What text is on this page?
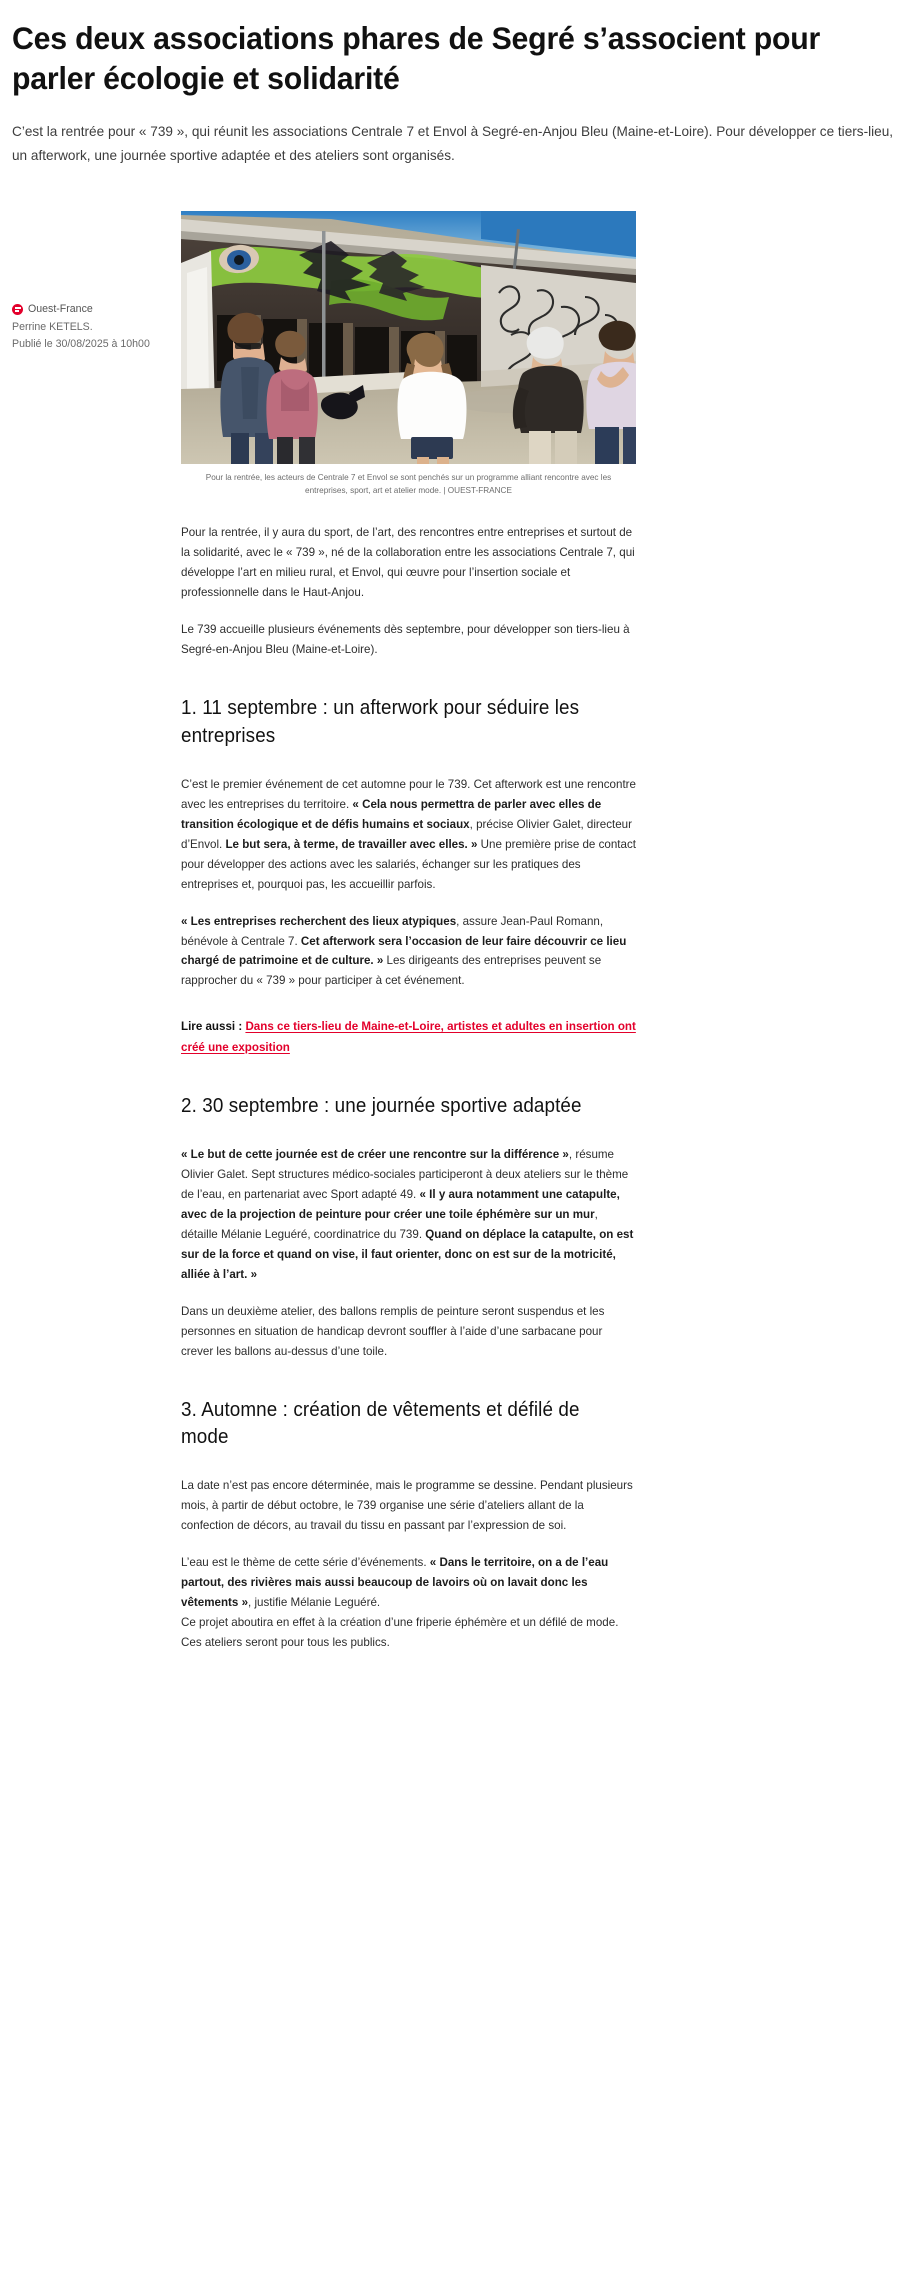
Ces deux associations phares de Segré s’associent pour parler écologie et solidarité
C’est la rentrée pour « 739 », qui réunit les associations Centrale 7 et Envol à Segré-en-Anjou Bleu (Maine-et-Loire). Pour développer ce tiers-lieu, un afterwork, une journée sportive adaptée et des ateliers sont organisés.
Ouest-France
Perrine KETELS.
Publié le 30/08/2025 à 10h00
Pour la rentrée, les acteurs de Centrale 7 et Envol se sont penchés sur un programme alliant rencontre avec les entreprises, sport, art et atelier mode. | OUEST-FRANCE

Pour la rentrée, il y aura du sport, de l’art, des rencontres entre entreprises et surtout de la solidarité, avec le « 739 », né de la collaboration entre les associations Centrale 7, qui développe l’art en milieu rural, et Envol, qui œuvre pour l’insertion sociale et professionnelle dans le Haut-Anjou.

Le 739 accueille plusieurs événements dès septembre, pour développer son tiers-lieu à Segré-en-Anjou Bleu (Maine-et-Loire).

1. 11 septembre : un afterwork pour séduire les entreprises

C’est le premier événement de cet automne pour le 739. Cet afterwork est une rencontre avec les entreprises du territoire. « Cela nous permettra de parler avec elles de transition écologique et de défis humains et sociaux, précise Olivier Galet, directeur d’Envol. Le but sera, à terme, de travailler avec elles. » Une première prise de contact pour développer des actions avec les salariés, échanger sur les pratiques des entreprises et, pourquoi pas, les accueillir parfois.

« Les entreprises recherchent des lieux atypiques, assure Jean-Paul Romann, bénévole à Centrale 7. Cet afterwork sera l’occasion de leur faire découvrir ce lieu chargé de patrimoine et de culture. » Les dirigeants des entreprises peuvent se rapprocher du « 739 » pour participer à cet événement.

Lire aussi : Dans ce tiers-lieu de Maine-et-Loire, artistes et adultes en insertion ont créé une exposition
2. 30 septembre : une journée sportive adaptée

« Le but de cette journée est de créer une rencontre sur la différence », résume Olivier Galet. Sept structures médico-sociales participeront à deux ateliers sur le thème de l’eau, en partenariat avec Sport adapté 49. « Il y aura notamment une catapulte, avec de la projection de peinture pour créer une toile éphémère sur un mur, détaille Mélanie Leguéré, coordinatrice du 739. Quand on déplace la catapulte, on est sur de la force et quand on vise, il faut orienter, donc on est sur de la motricité, alliée à l’art. »

Dans un deuxième atelier, des ballons remplis de peinture seront suspendus et les personnes en situation de handicap devront souffler à l’aide d’une sarbacane pour crever les ballons au-dessus d’une toile.

3. Automne : création de vêtements et défilé de mode

La date n’est pas encore déterminée, mais le programme se dessine. Pendant plusieurs mois, à partir de début octobre, le 739 organise une série d’ateliers allant de la confection de décors, au travail du tissu en passant par l’expression de soi.

L’eau est le thème de cette série d’événements. « Dans le territoire, on a de l’eau partout, des rivières mais aussi beaucoup de lavoirs où on lavait donc les vêtements », justifie Mélanie Leguéré.
Ce projet aboutira en effet à la création d’une friperie éphémère et un défilé de mode. Ces ateliers seront pour tous les publics.
